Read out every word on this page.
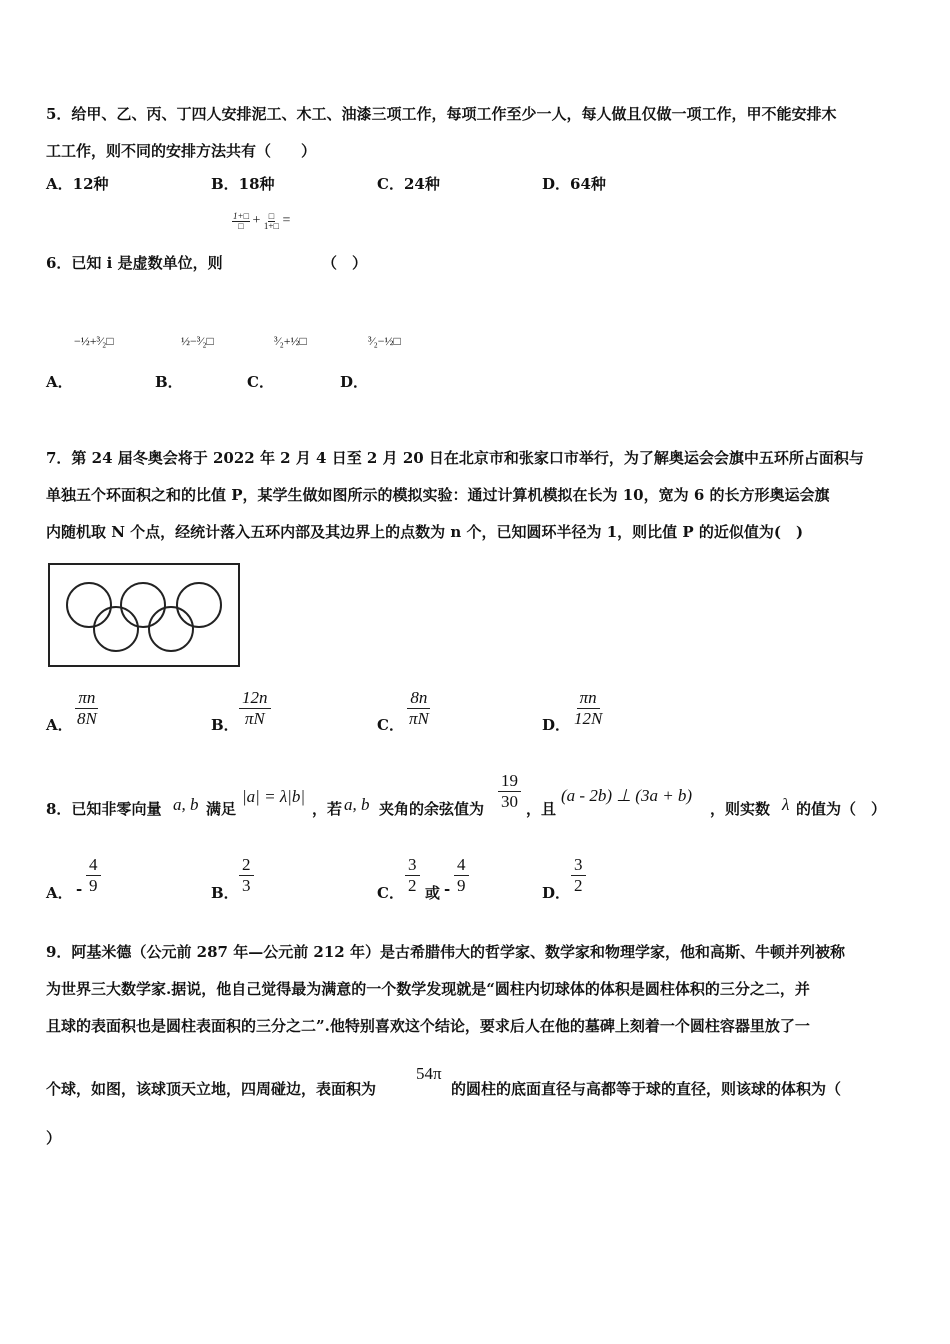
5．给甲、乙、丙、丁四人安排泥工、木工、油漆三项工作，每项工作至少一人，每人做且仅做一项工作，甲不能安排木
工工作，则不同的安排方法共有（　　）
A．12种	B．18种	C．24种	D．64种
$\frac{1+□}{□} + \frac{□}{1+□}$ =
6．已知 i 是虚数单位，则	（　）
−½+³⁄₂□	½−³⁄₂□	³⁄₂+½□	³⁄₂−½□
A．	B．	C．	D．
7．第 24 届冬奥会将于 2022 年 2 月 4 日至 2 月 20 日在北京市和张家口市举行，为了解奥运会会旗中五环所占面积与
单独五个环面积之和的比值 P，某学生做如图所示的模拟实验：通过计算机模拟在长为 10，宽为 6 的长方形奥运会旗
内随机取 N 个点，经统计落入五环内部及其边界上的点数为 n 个，已知圆环半径为 1，则比值 P 的近似值为(　)
A． $\frac{\pi n}{8N}$	B． $\frac{12n}{\pi N}$	C． $\frac{8n}{\pi N}$	D． $\frac{\pi n}{12N}$
8．已知非零向量 a, b 满足
|a| = λ|b|
，若 a, b 夹角的余弦值为 $\frac{19}{30}$ ，且
(a - 2b) ⊥ (3a + b)
，则实数 λ 的值为（　）
A． - $\frac{4}{9}$	B． $\frac{2}{3}$	C． $\frac{3}{2}$ 或 - $\frac{4}{9}$	D． $\frac{3}{2}$
9．阿基米德（公元前 287 年—公元前 212 年）是古希腊伟大的哲学家、数学家和物理学家，他和高斯、牛顿并列被称
为世界三大数学家.据说，他自己觉得最为满意的一个数学发现就是“圆柱内切球体的体积是圆柱体积的三分之二，并
且球的表面积也是圆柱表面积的三分之二”.他特别喜欢这个结论，要求后人在他的墓碑上刻着一个圆柱容器里放了一
个球，如图，该球顶天立地，四周碰边，表面积为
54π
的圆柱的底面直径与高都等于球的直径，则该球的体积为（
）
